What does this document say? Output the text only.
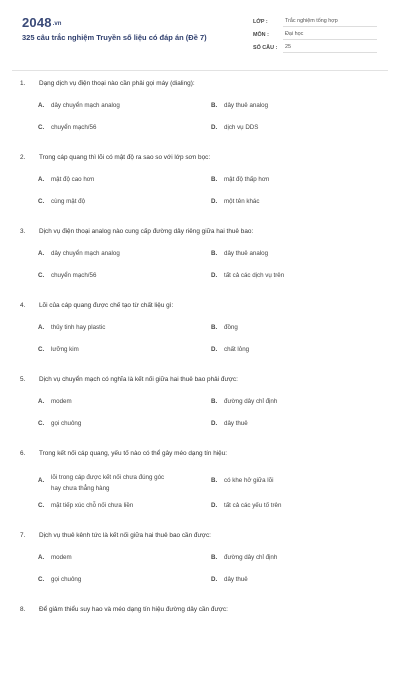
2048.vn
325 câu trắc nghiệm Truyền số liệu có đáp án (Đề 7)
LỚP :	Trắc nghiệm tổng hợp
MÔN :	Đại học
SỐ CÂU :	25
1.	Dạng dịch vụ điện thoại nào cần phải gọi máy (dialing):
A.	dây chuyển mạch analog	B.	dây thuê analog
C.	chuyển mạch/56	D.	dịch vụ DDS
2.	Trong cáp quang thì lõi có mật độ ra sao so với lớp sơn bọc:
A.	mật độ cao hơn	B.	mật độ thấp hơn
C.	cùng mật độ	D.	một tên khác
3.	Dịch vụ điện thoại analog nào cung cấp đường dây riêng giữa hai thuê bao:
A.	dây chuyển mạch analog	B.	dây thuê analog
C.	chuyển mạch/56	D.	tất cả các dịch vụ trên
4.	Lõi của cáp quang được chế tạo từ chất liệu gì:
A.	thủy tinh hay plastic	B.	đồng
C.	lưỡng kim	D.	chất lỏng
5.	Dịch vụ chuyển mạch có nghĩa là kết nối giữa hai thuê bao phải được:
A.	modem	B.	đường dây chỉ định
C.	gọi chuông	D.	dây thuê
6.	Trong kết nối cáp quang, yếu tố nào có thể gây méo dạng tín hiệu:
A.	lõi trong cáp được kết nối chưa đúng góc
hay chưa thẳng hàng
B.	có khe hở giữa lõi
C.	mặt tiếp xúc chỗ nối chưa liền	D.	tất cả các yếu tố trên
7.	Dịch vụ thuê kênh tức là kết nối giữa hai thuê bao cần được:
A.	modem	B.	đường dây chỉ định
C.	gọi chuông	D.	dây thuê
8.	Để giảm thiểu suy hao và méo dạng tín hiệu đường dây cần được:
